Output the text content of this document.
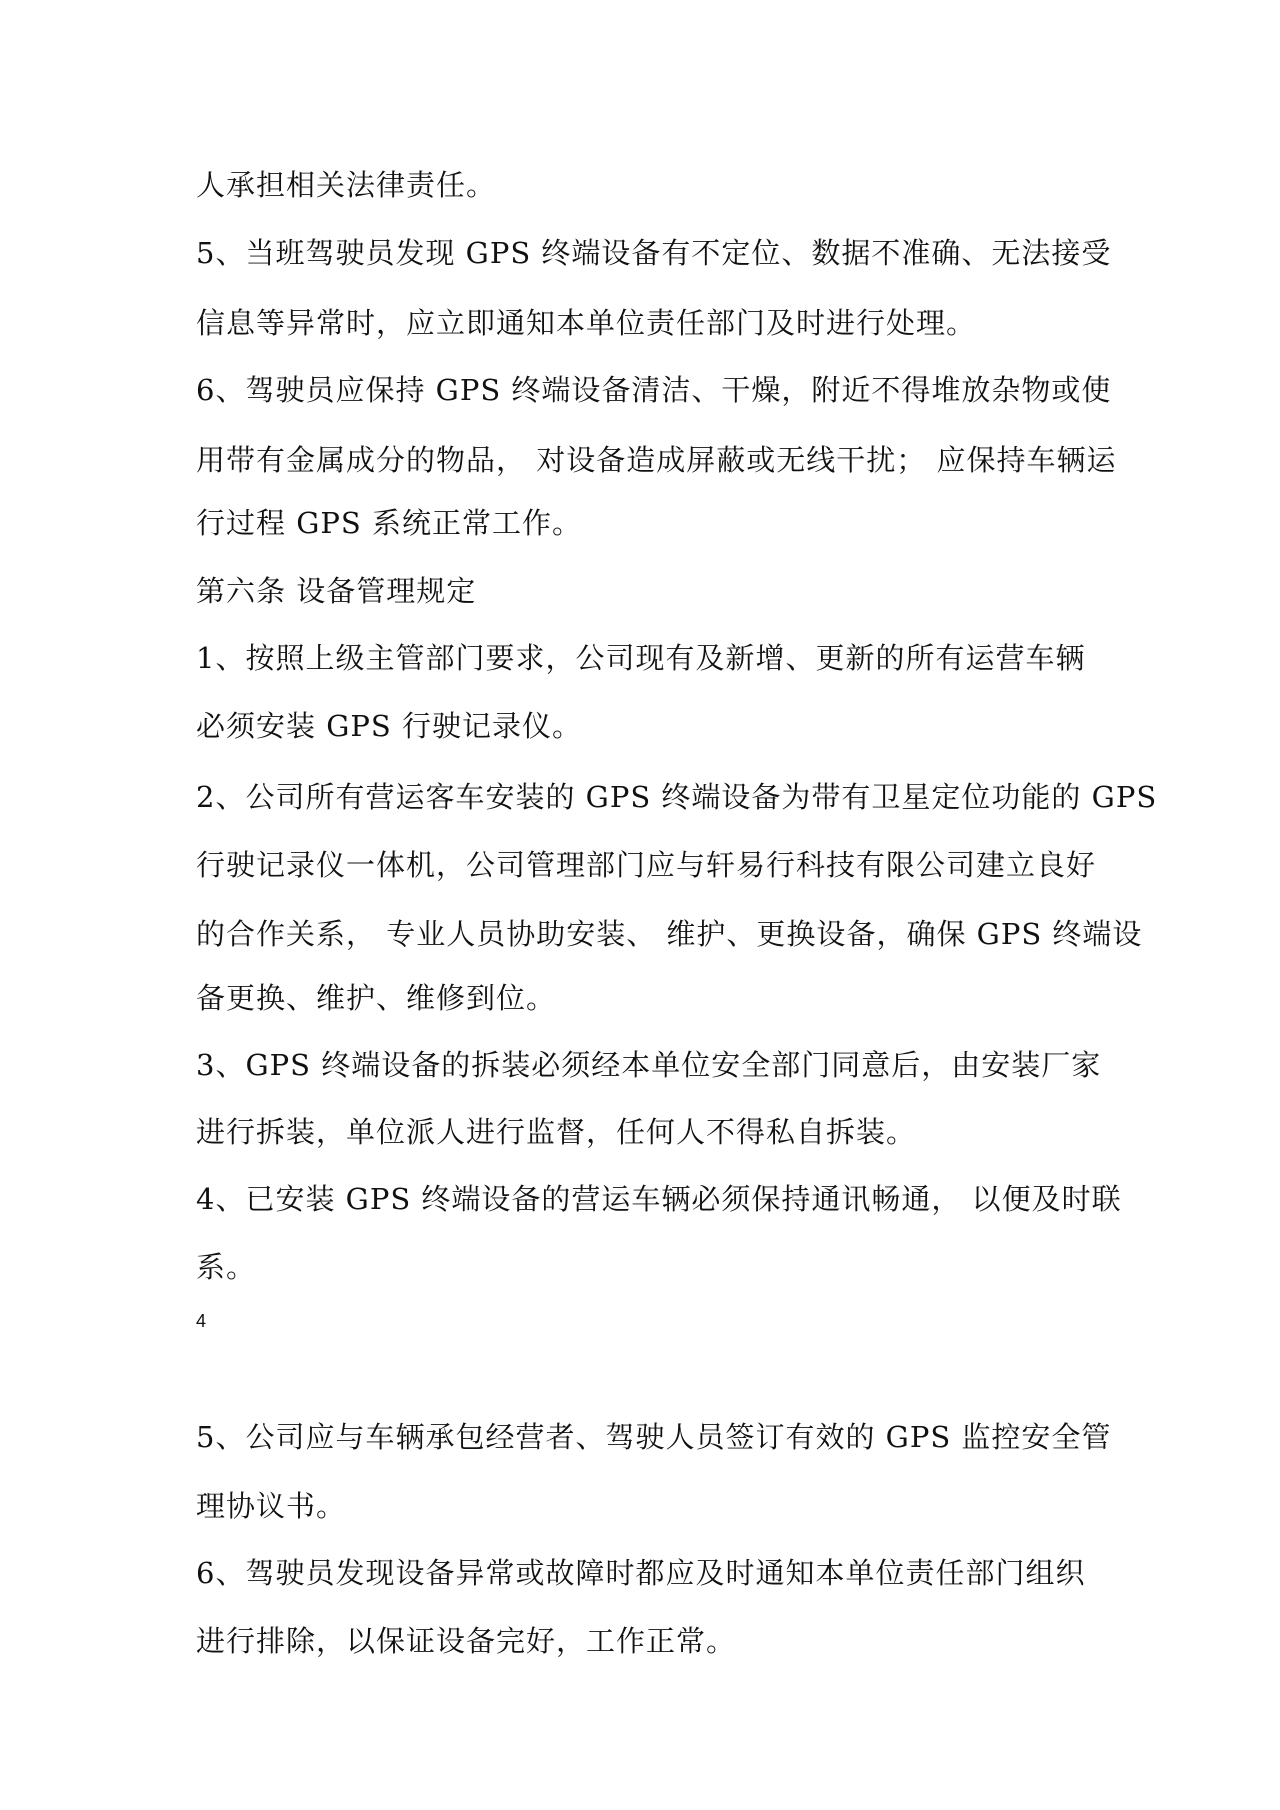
人承担相关法律责任。
5、当班驾驶员发现 GPS 终端设备有不定位、数据不准确、无法接受
信息等异常时，应立即通知本单位责任部门及时进行处理。
6、驾驶员应保持 GPS 终端设备清洁、干燥，附近不得堆放杂物或使
用带有金属成分的物品， 对设备造成屏蔽或无线干扰； 应保持车辆运
行过程 GPS 系统正常工作。
第六条 设备管理规定
1、按照上级主管部门要求，公司现有及新增、更新的所有运营车辆
必须安装 GPS 行驶记录仪。
2、公司所有营运客车安装的 GPS 终端设备为带有卫星定位功能的 GPS
行驶记录仪一体机，公司管理部门应与轩易行科技有限公司建立良好
的合作关系， 专业人员协助安装、 维护、更换设备，确保 GPS 终端设
备更换、维护、维修到位。
3、GPS 终端设备的拆装必须经本单位安全部门同意后，由安装厂家
进行拆装，单位派人进行监督，任何人不得私自拆装。
4、已安装 GPS 终端设备的营运车辆必须保持通讯畅通， 以便及时联
系。
4
5、公司应与车辆承包经营者、驾驶人员签订有效的 GPS 监控安全管
理协议书。
6、驾驶员发现设备异常或故障时都应及时通知本单位责任部门组织
进行排除，以保证设备完好，工作正常。
